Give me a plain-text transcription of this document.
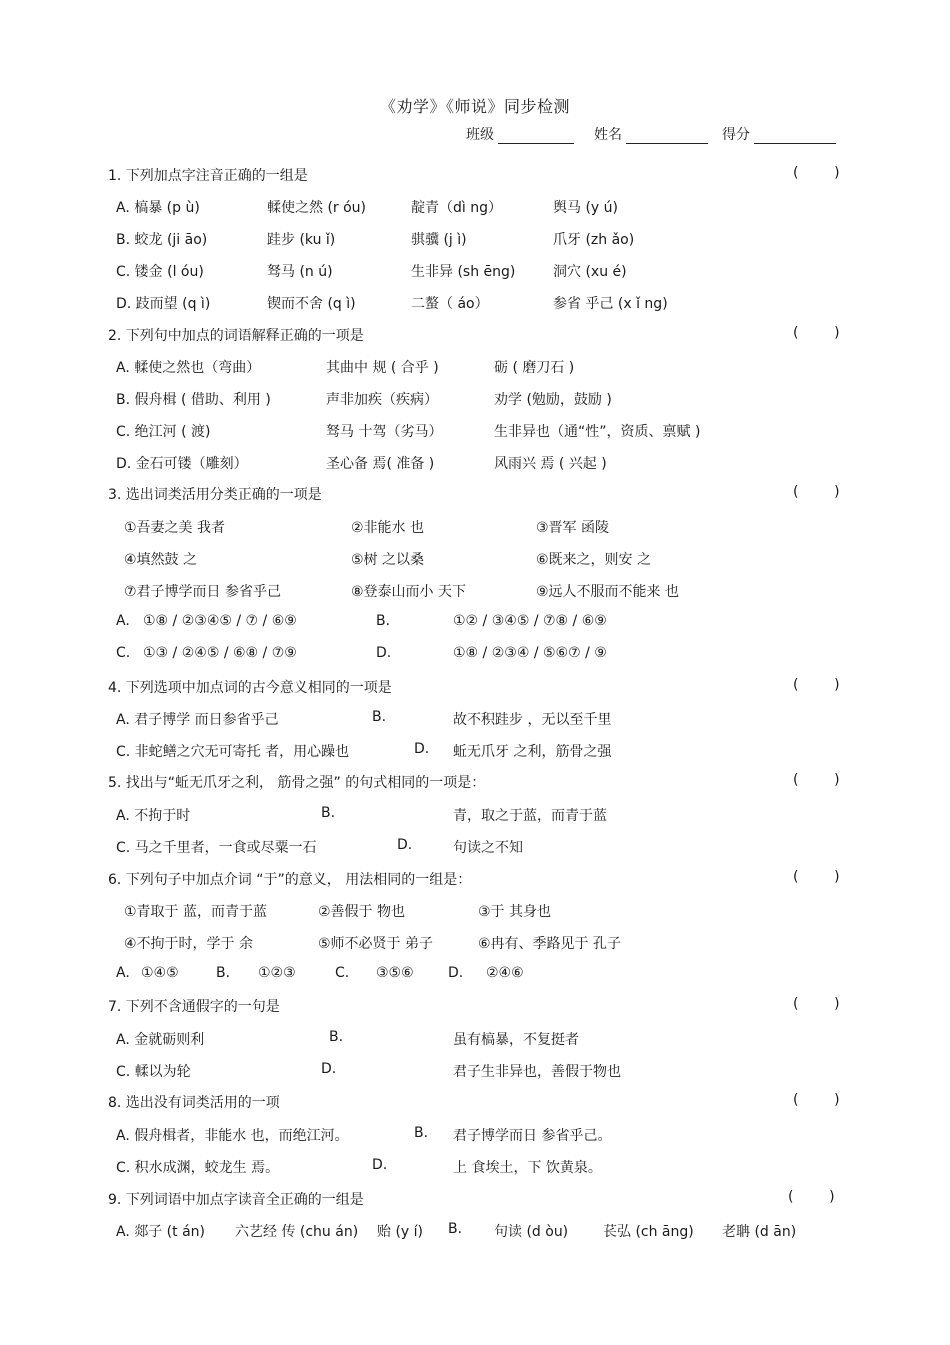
《劝学》《师说》同步检测
班级	姓名	得分
1. 下列加点字注音正确的一组是	(        )
A. 槁暴 (p ù)	輮使之然 (r óu)	靛青（dì ng）	舆马 (y ú)
B. 蛟龙 (ji āo)	跬步 (ku ǐ)	骐骥 (j ì)	爪牙 (zh ǎo)
C. 镂金 (l óu)	驽马 (n ú)	生非异 (sh ēng)	洞穴 (xu é)
D. 跂而望 (q ì)	锲而不舍 (q ì)	二螯（ áo）	参省 乎己 (x ǐ ng)
2. 下列句中加点的词语解释正确的一项是	(        )
A. 輮使之然也（弯曲）	其曲中 规 ( 合乎 )	砺 ( 磨刀石 )
B. 假舟楫 ( 借助、利用 )	声非加疾（疾病）	劝学 (勉励，鼓励 )
C. 绝江河 ( 渡)	驽马 十驾（劣马）	生非异也（通“性”，资质、禀赋 )
D. 金石可镂（雕刻）	圣心备 焉( 准备 )	风雨兴 焉 ( 兴起 )
3. 选出词类活用分类正确的一项是	(        )
①吾妻之美 我者	②非能水 也	③晋军 函陵
④填然鼓 之	⑤树 之以桑	⑥既来之，则安 之
⑦君子博学而日 参省乎己	⑧登泰山而小 天下	⑨远人不服而不能来 也
A. ①⑧ / ②③④⑤ / ⑦ / ⑥⑨	B.	①② / ③④⑤ / ⑦⑧ / ⑥⑨
C. ①③ / ②④⑤ / ⑥⑧ / ⑦⑨	D.	①⑧ / ②③④ / ⑤⑥⑦ / ⑨
4. 下列选项中加点词的古今意义相同的一项是	(        )
A. 君子博学 而日参省乎己	B.	故不积跬步 ，无以至千里
C. 非蛇鳝之穴无可寄托 者，用心躁也	D. 蚯无爪牙 之利，筋骨之强
5. 找出与“蚯无爪牙之利， 筋骨之强” 的句式相同的一项是：	(        )
A. 不拘于时	B.	青，取之于蓝，而青于蓝
C. 马之千里者，一食或尽粟一石	D.	句读之不知
6. 下列句子中加点介词 “于”的意义， 用法相同的一组是：	(        )
①青取于 蓝，而青于蓝	②善假于 物也	③于 其身也
④不拘于时，学于 余	⑤师不必贤于 弟子	⑥冉有、季路见于 孔子
A. ①④⑤	B. ①②③	C. ③⑤⑥ D. ②④⑥
7. 下列不含通假字的一句是	(        )
A. 金就砺则利	B.	虽有槁暴，不复挺者
C. 輮以为轮	D.	君子生非异也，善假于物也
8. 选出没有词类活用的一项	(        )
A. 假舟楫者，非能水 也，而绝江河。	B. 君子博学而日 参省乎己。
C. 积水成渊，蛟龙生 焉。	D.	上 食埃土，下 饮黄泉。
9. 下列词语中加点字读音全正确的一组是	(        )
A. 郯子 (t án) 六艺经 传 (chu án) 贻 (y í) B. 句读 (d òu) 苌弘 (ch āng) 老聃 (d ān)
